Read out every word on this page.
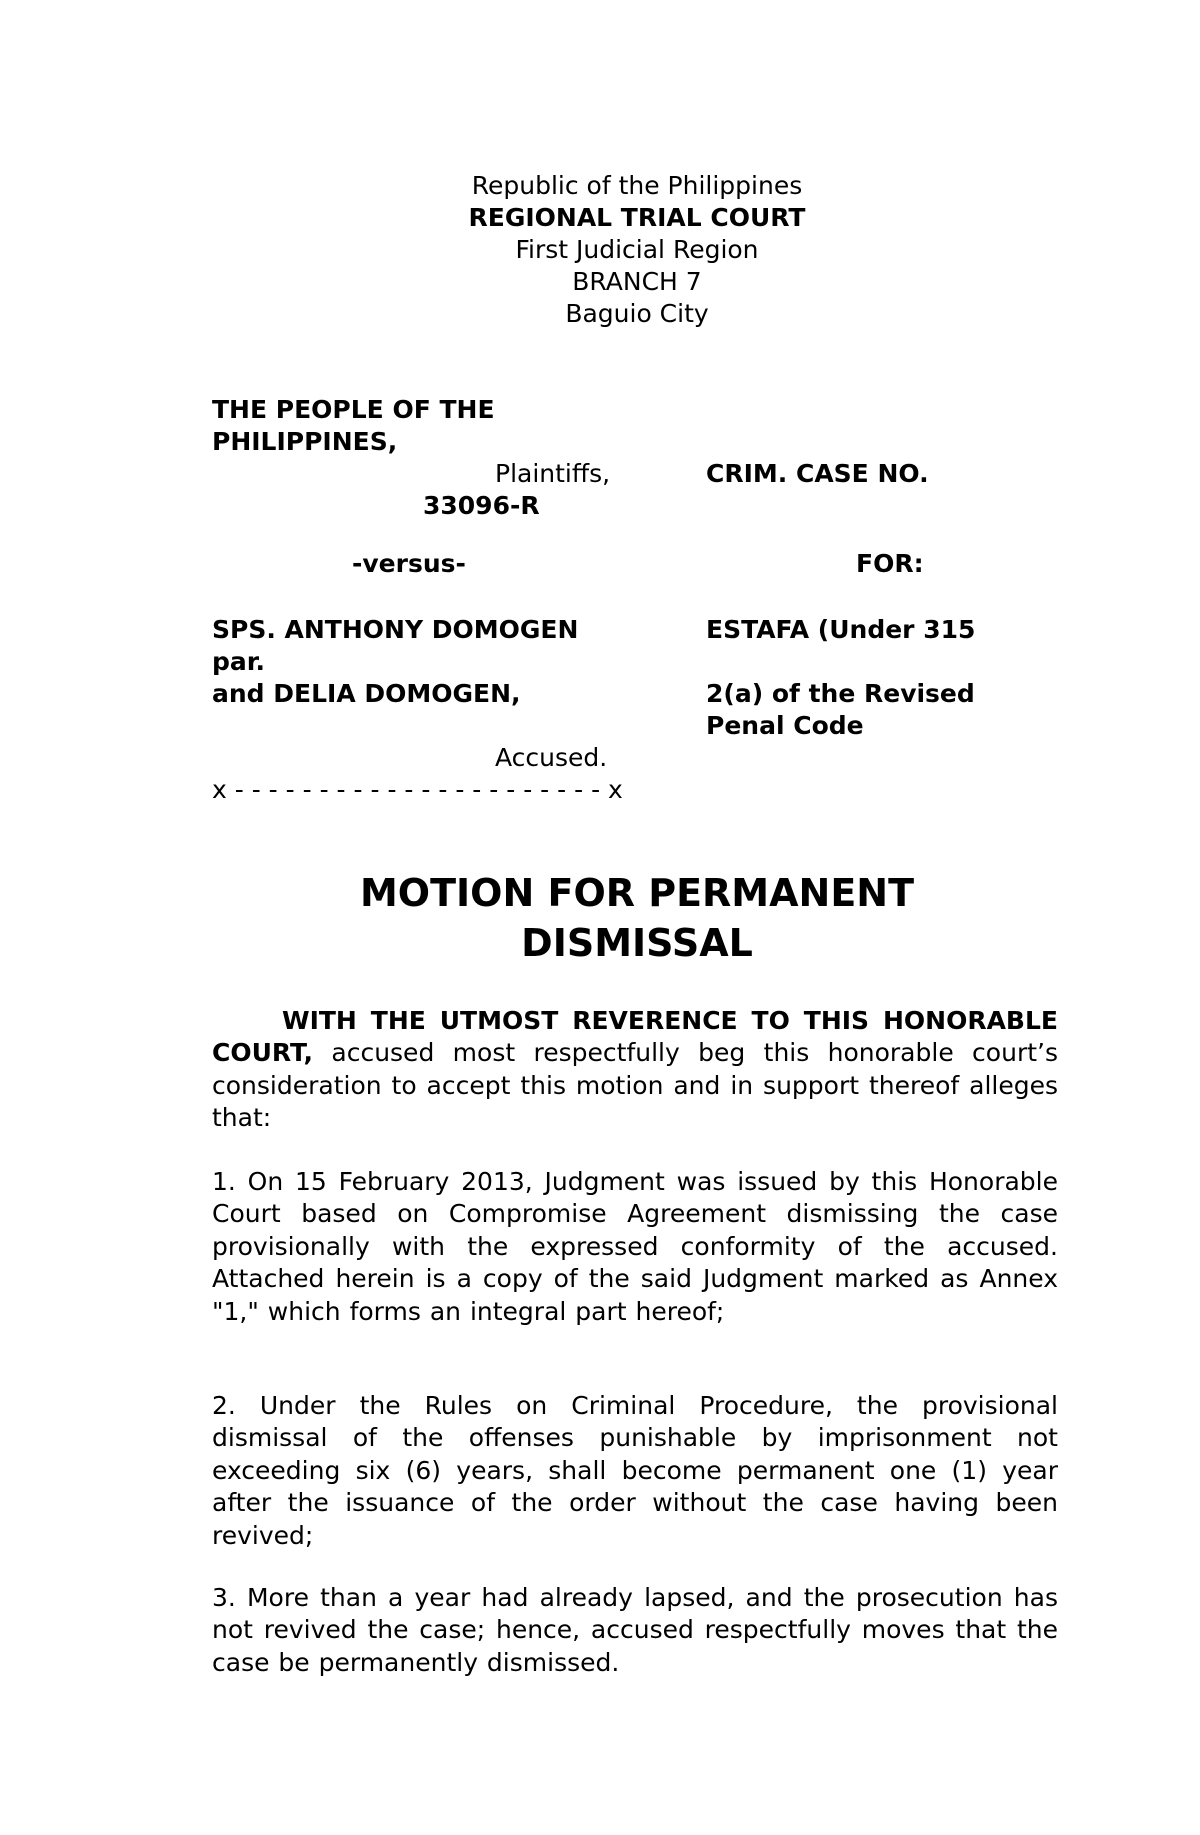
Republic of the Philippines
REGIONAL TRIAL COURT
First Judicial Region
BRANCH 7
Baguio City
THE PEOPLE OF THE
PHILIPPINES,
Plaintiffs,	CRIM. CASE NO.
33096-R
-versus-	FOR:
SPS. ANTHONY DOMOGEN
par.
and DELIA DOMOGEN,
ESTAFA (Under 315
2(a) of the Revised
Penal Code
Accused.
x - - - - - - - - - - - - - - - - - - - - - - x
MOTION FOR PERMANENT
DISMISSAL
WITH THE UTMOST REVERENCE TO THIS HONORABLE COURT, accused most respectfully beg this honorable court’s consideration to accept this motion and in support thereof alleges that:
1. On 15 February 2013, Judgment was issued by this Honorable Court based on Compromise Agreement dismissing the case provisionally with the expressed conformity of the accused. Attached herein is a copy of the said Judgment marked as Annex "1," which forms an integral part hereof;
2. Under the Rules on Criminal Procedure, the provisional dismissal of the offenses punishable by imprisonment not exceeding six (6) years, shall become permanent one (1) year after the issuance of the order without the case having been revived;
3. More than a year had already lapsed, and the prosecution has not revived the case; hence, accused respectfully moves that the case be permanently dismissed.
